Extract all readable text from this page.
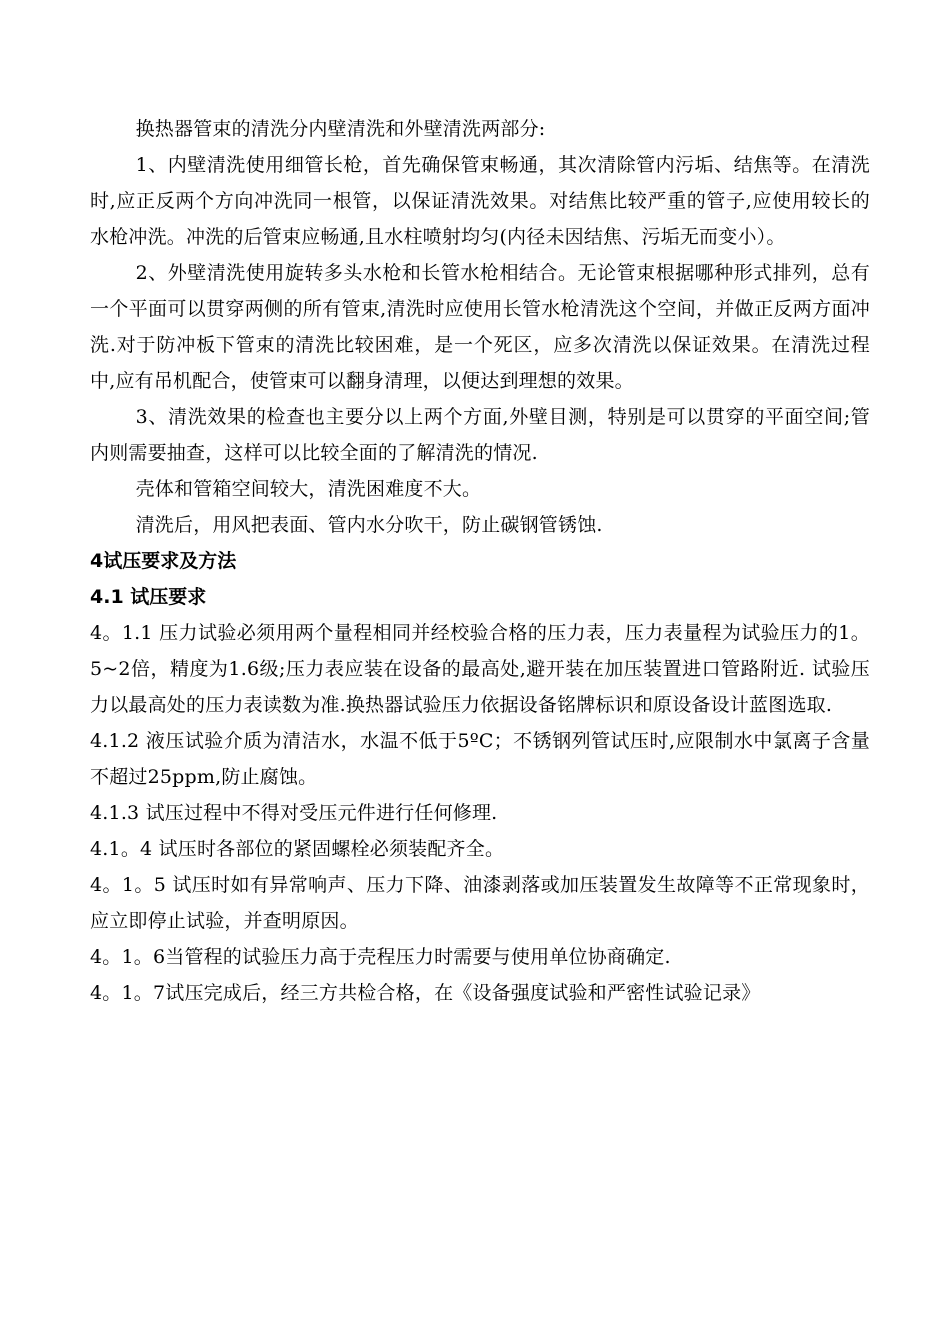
换热器管束的清洗分内壁清洗和外壁清洗两部分:

1、内壁清洗使用细管长枪，首先确保管束畅通，其次清除管内污垢、结焦等。在清洗时,应正反两个方向冲洗同一根管，以保证清洗效果。对结焦比较严重的管子,应使用较长的水枪冲洗。冲洗的后管束应畅通,且水柱喷射均匀(内径未因结焦、污垢无而变小）。

2、外壁清洗使用旋转多头水枪和长管水枪相结合。无论管束根据哪种形式排列，总有一个平面可以贯穿两侧的所有管束,清洗时应使用长管水枪清洗这个空间，并做正反两方面冲洗.对于防冲板下管束的清洗比较困难，是一个死区，应多次清洗以保证效果。在清洗过程中,应有吊机配合，使管束可以翻身清理，以便达到理想的效果。

3、清洗效果的检查也主要分以上两个方面,外壁目测，特别是可以贯穿的平面空间;管内则需要抽查，这样可以比较全面的了解清洗的情况.

壳体和管箱空间较大，清洗困难度不大。

清洗后，用风把表面、管内水分吹干，防止碳钢管锈蚀.

4试压要求及方法

4.1 试压要求

4。1.1 压力试验必须用两个量程相同并经校验合格的压力表，压力表量程为试验压力的1。5~2倍，精度为1.6级;压力表应装在设备的最高处,避开装在加压装置进口管路附近. 试验压力以最高处的压力表读数为准.换热器试验压力依据设备铭牌标识和原设备设计蓝图选取.

4.1.2 液压试验介质为清洁水，水温不低于5ºC；不锈钢列管试压时,应限制水中氯离子含量不超过25ppm,防止腐蚀。

4.1.3 试压过程中不得对受压元件进行任何修理.

4.1。4 试压时各部位的紧固螺栓必须装配齐全。

4。1。5 试压时如有异常响声、压力下降、油漆剥落或加压装置发生故障等不正常现象时，应立即停止试验，并查明原因。

4。1。6当管程的试验压力高于壳程压力时需要与使用单位协商确定.

4。1。7试压完成后，经三方共检合格，在《设备强度试验和严密性试验记录》
